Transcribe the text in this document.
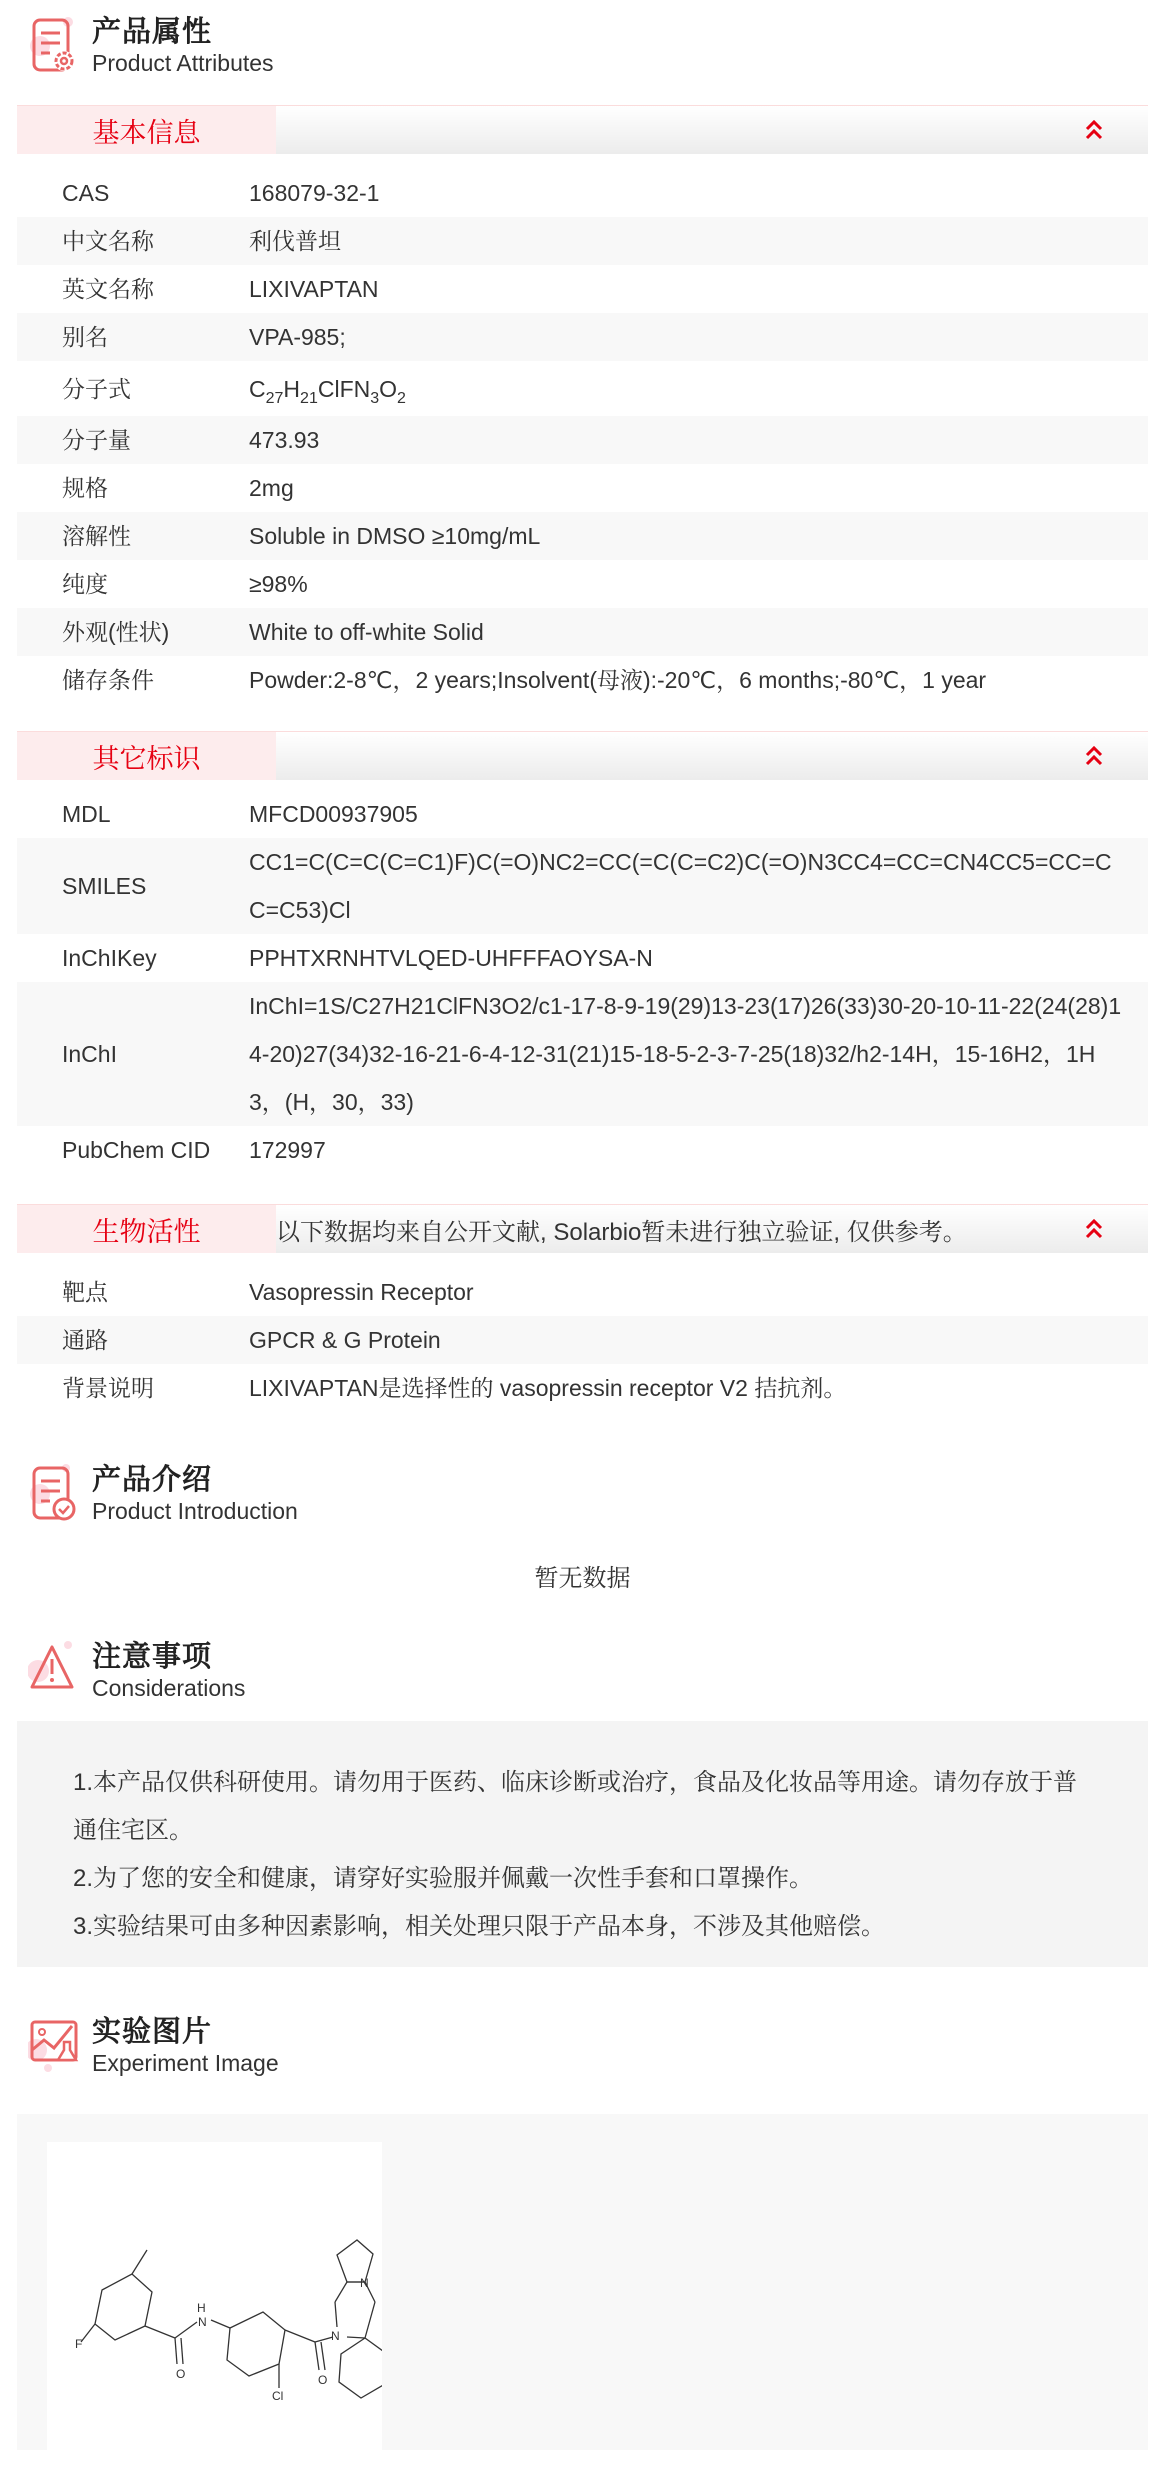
产品属性
Product Attributes
基本信息
CAS	168079-32-1
中文名称	利伐普坦
英文名称	LIXIVAPTAN
别名	VPA-985;
分子式	$C_{27}H_{21}ClFN_3O_2$
分子量	473.93
规格	2mg
溶解性	Soluble in DMSO ≥10mg/mL
纯度	≥98%
外观(性状)	White to off-white Solid
储存条件	Powder:2-8℃，2 years;Insolvent(母液):-20℃，6 months;-80℃，1 year
其它标识
MDL	MFCD00937905
SMILES
CC1=C(C=C(C=C1)F)C(=O)NC2=CC(=C(C=C2)C(=O)N3CC4=CC=CN4CC5=CC=CC=C53)Cl
InChIKey	PPHTXRNHTVLQED-UHFFFAOYSA-N
InChI
InChI=1S/C27H21ClFN3O2/c1-17-8-9-19(29)13-23(17)26(33)30-20-10-11-22(24(28)14-20)27(34)32-16-21-6-4-12-31(21)15-18-5-2-3-7-25(18)32/h2-14H，15-16H2，1H3，(H，30，33)
PubChem CID	172997
生物活性	以下数据均来自公开文献, Solarbio暂未进行独立验证, 仅供参考。
靶点	Vasopressin Receptor
通路	GPCR & G Protein
背景说明	LIXIVAPTAN是选择性的 vasopressin receptor V2 拮抗剂。
产品介绍
Product Introduction
暂无数据
注意事项
Considerations
1.本产品仅供科研使用。请勿用于医药、临床诊断或治疗，食品及化妆品等用途。请勿存放于普通住宅区。
2.为了您的安全和健康，请穿好实验服并佩戴一次性手套和口罩操作。
3.实验结果可由多种因素影响，相关处理只限于产品本身，不涉及其他赔偿。
实验图片
Experiment Image
F
O
H
N
Cl
O
N
N
